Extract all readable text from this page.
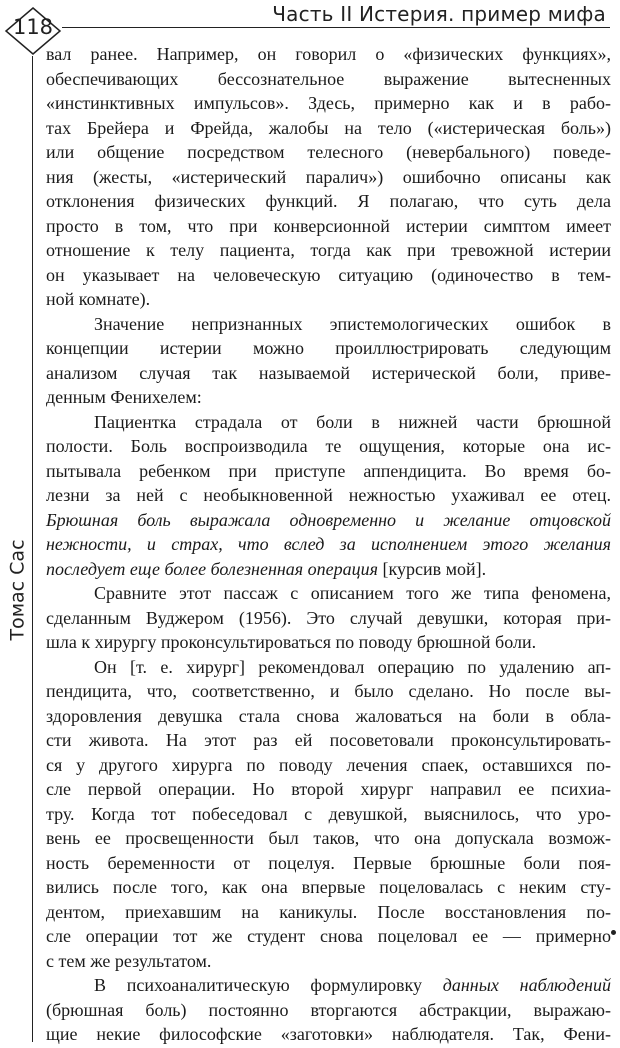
118
Часть II Истерия. пример мифа
Томас Сас
вал ранее. Например, он говорил о «физических функциях»,
обеспечивающих бессознательное выражение вытесненных
«инстинктивных импульсов». Здесь, примерно как и в рабо-
тах Брейера и Фрейда, жалобы на тело («истерическая боль»)
или общение посредством телесного (невербального) поведе-
ния (жесты, «истерический паралич») ошибочно описаны как
отклонения физических функций. Я полагаю, что суть дела
просто в том, что при конверсионной истерии симптом имеет
отношение к телу пациента, тогда как при тревожной истерии
он указывает на человеческую ситуацию (одиночество в тем-
ной комнате).
Значение непризнанных эпистемологических ошибок в
концепции истерии можно проиллюстрировать следующим
анализом случая так называемой истерической боли, приве-
денным Фенихелем:
Пациентка страдала от боли в нижней части брюшной
полости. Боль воспроизводила те ощущения, которые она ис-
пытывала ребенком при приступе аппендицита. Во время бо-
лезни за ней с необыкновенной нежностью ухаживал ее отец.
Брюшная боль выражала одновременно и желание отцовской
нежности, и страх, что вслед за исполнением этого желания
последует еще более болезненная операция [курсив мой].
Сравните этот пассаж с описанием того же типа феномена,
сделанным Вуджером (1956). Это случай девушки, которая при-
шла к хирургу проконсультироваться по поводу брюшной боли.
Он [т. е. хирург] рекомендовал операцию по удалению ап-
пендицита, что, соответственно, и было сделано. Но после вы-
здоровления девушка стала снова жаловаться на боли в обла-
сти живота. На этот раз ей посоветовали проконсультировать-
ся у другого хирурга по поводу лечения спаек, оставшихся по-
сле первой операции. Но второй хирург направил ее психиа-
тру. Когда тот побеседовал с девушкой, выяснилось, что уро-
вень ее просвещенности был таков, что она допускала возмож-
ность беременности от поцелуя. Первые брюшные боли поя-
вились после того, как она впервые поцеловалась с неким сту-
дентом, приехавшим на каникулы. После восстановления по-
сле операции тот же студент снова поцеловал ее — примерно
с тем же результатом.
В психоаналитическую формулировку данных наблюдений
(брюшная боль) постоянно вторгаются абстракции, выражаю-
щие некие философские «заготовки» наблюдателя. Так, Фени-
